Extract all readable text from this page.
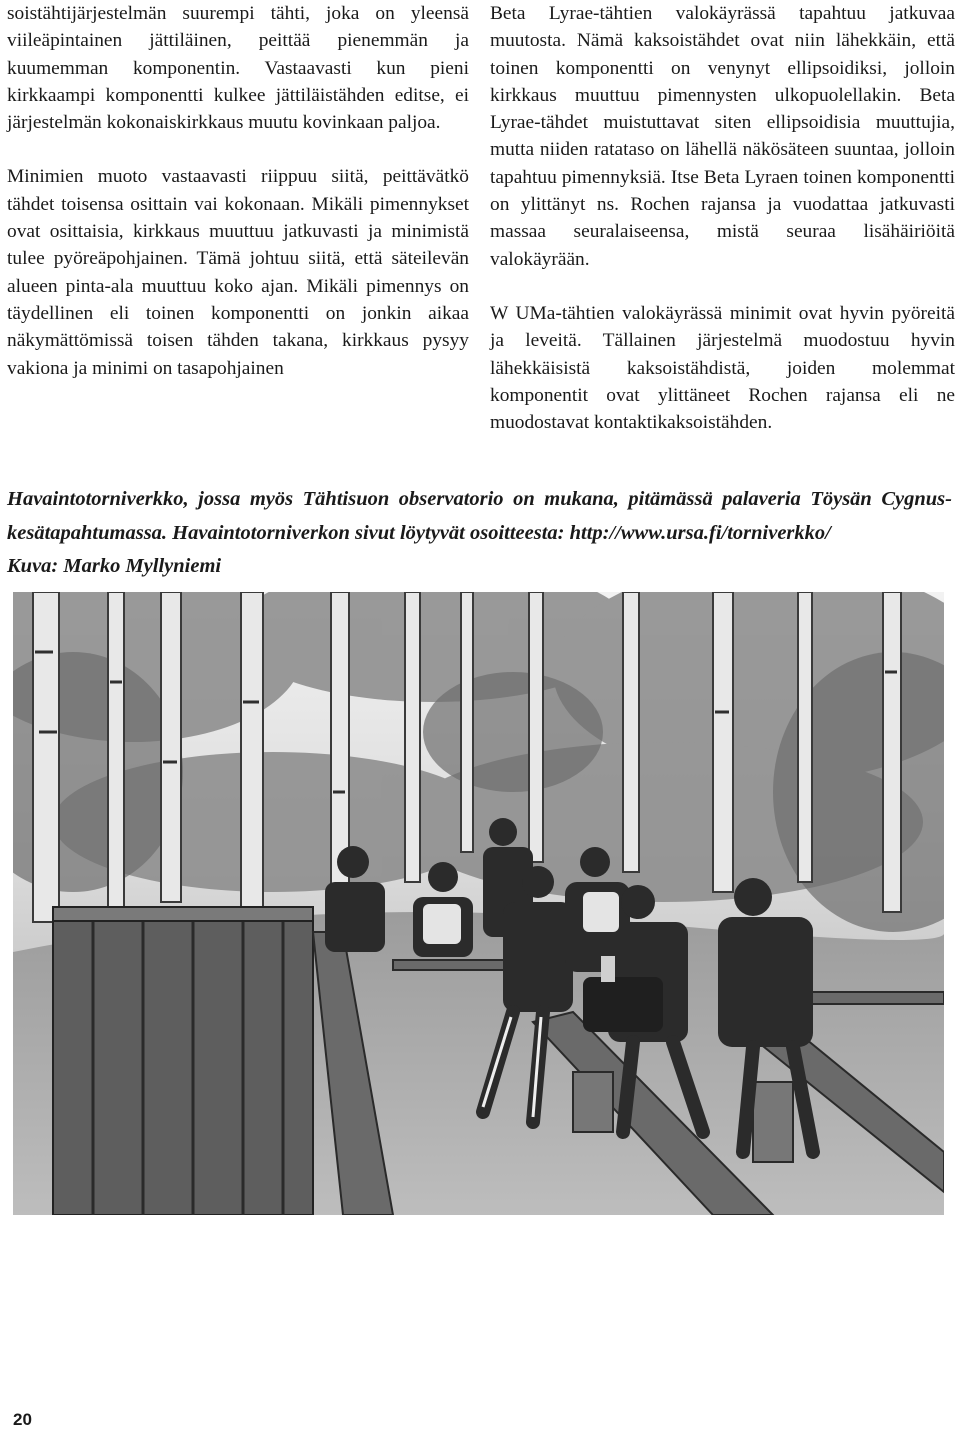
soistähtijärjestelmän suurempi tähti, joka on yleensä viileäpintainen jättiläinen, peittää pienemmän ja kuumemman komponentin. Vastaavasti kun pieni kirkkaampi komponentti kulkee jättiläistähden editse, ei järjestelmän kokonaiskirkkaus muutu kovinkaan paljoa.

Minimien muoto vastaavasti riippuu siitä, peittävätkö tähdet toisensa osittain vai kokonaan. Mikäli pimennykset ovat osittaisia, kirkkaus muuttuu jatkuvasti ja minimistä tulee pyöreäpohjainen. Tämä johtuu siitä, että säteilevän alueen pinta-ala muuttuu koko ajan. Mikäli pimennys on täydellinen eli toinen komponentti on jonkin aikaa näkymättömissä toisen tähden takana, kirkkaus pysyy vakiona ja minimi on tasapohjainen

Beta Lyrae-tähtien valokäyrässä tapahtuu jatkuvaa muutosta. Nämä kaksoistähdet ovat niin lähekkäin, että toinen komponentti on venynyt ellipsoidiksi, jolloin kirkkaus muuttuu pimennysten ulkopuolellakin. Beta Lyrae-tähdet muistuttavat siten ellipsoidisia muuttujia, mutta niiden ratataso on lähellä näkösäteen suuntaa, jolloin tapahtuu pimennyksiä. Itse Beta Lyraen toinen komponentti on ylittänyt ns. Rochen rajansa ja vuodattaa jatkuvasti massaa seuralaiseensa, mistä seuraa lisähäiriöitä valokäyrään.

W UMa-tähtien valokäyrässä minimit ovat hyvin pyöreitä ja leveitä. Tällainen järjestelmä muodostuu hyvin lähekkäisistä kaksoistähdistä, joiden molemmat komponentit ovat ylittäneet Rochen rajansa eli ne muodostavat kontaktikaksoistähden.

Havaintotorniverkko, jossa myös Tähtisuon observatorio on mukana, pitämässä palaveria Töysän Cygnus-kesätapahtumassa. Havaintotorniverkon sivut löytyvät osoitteesta: http://www.ursa.fi/torniverkko/

Kuva: Marko Myllyniemi

20
